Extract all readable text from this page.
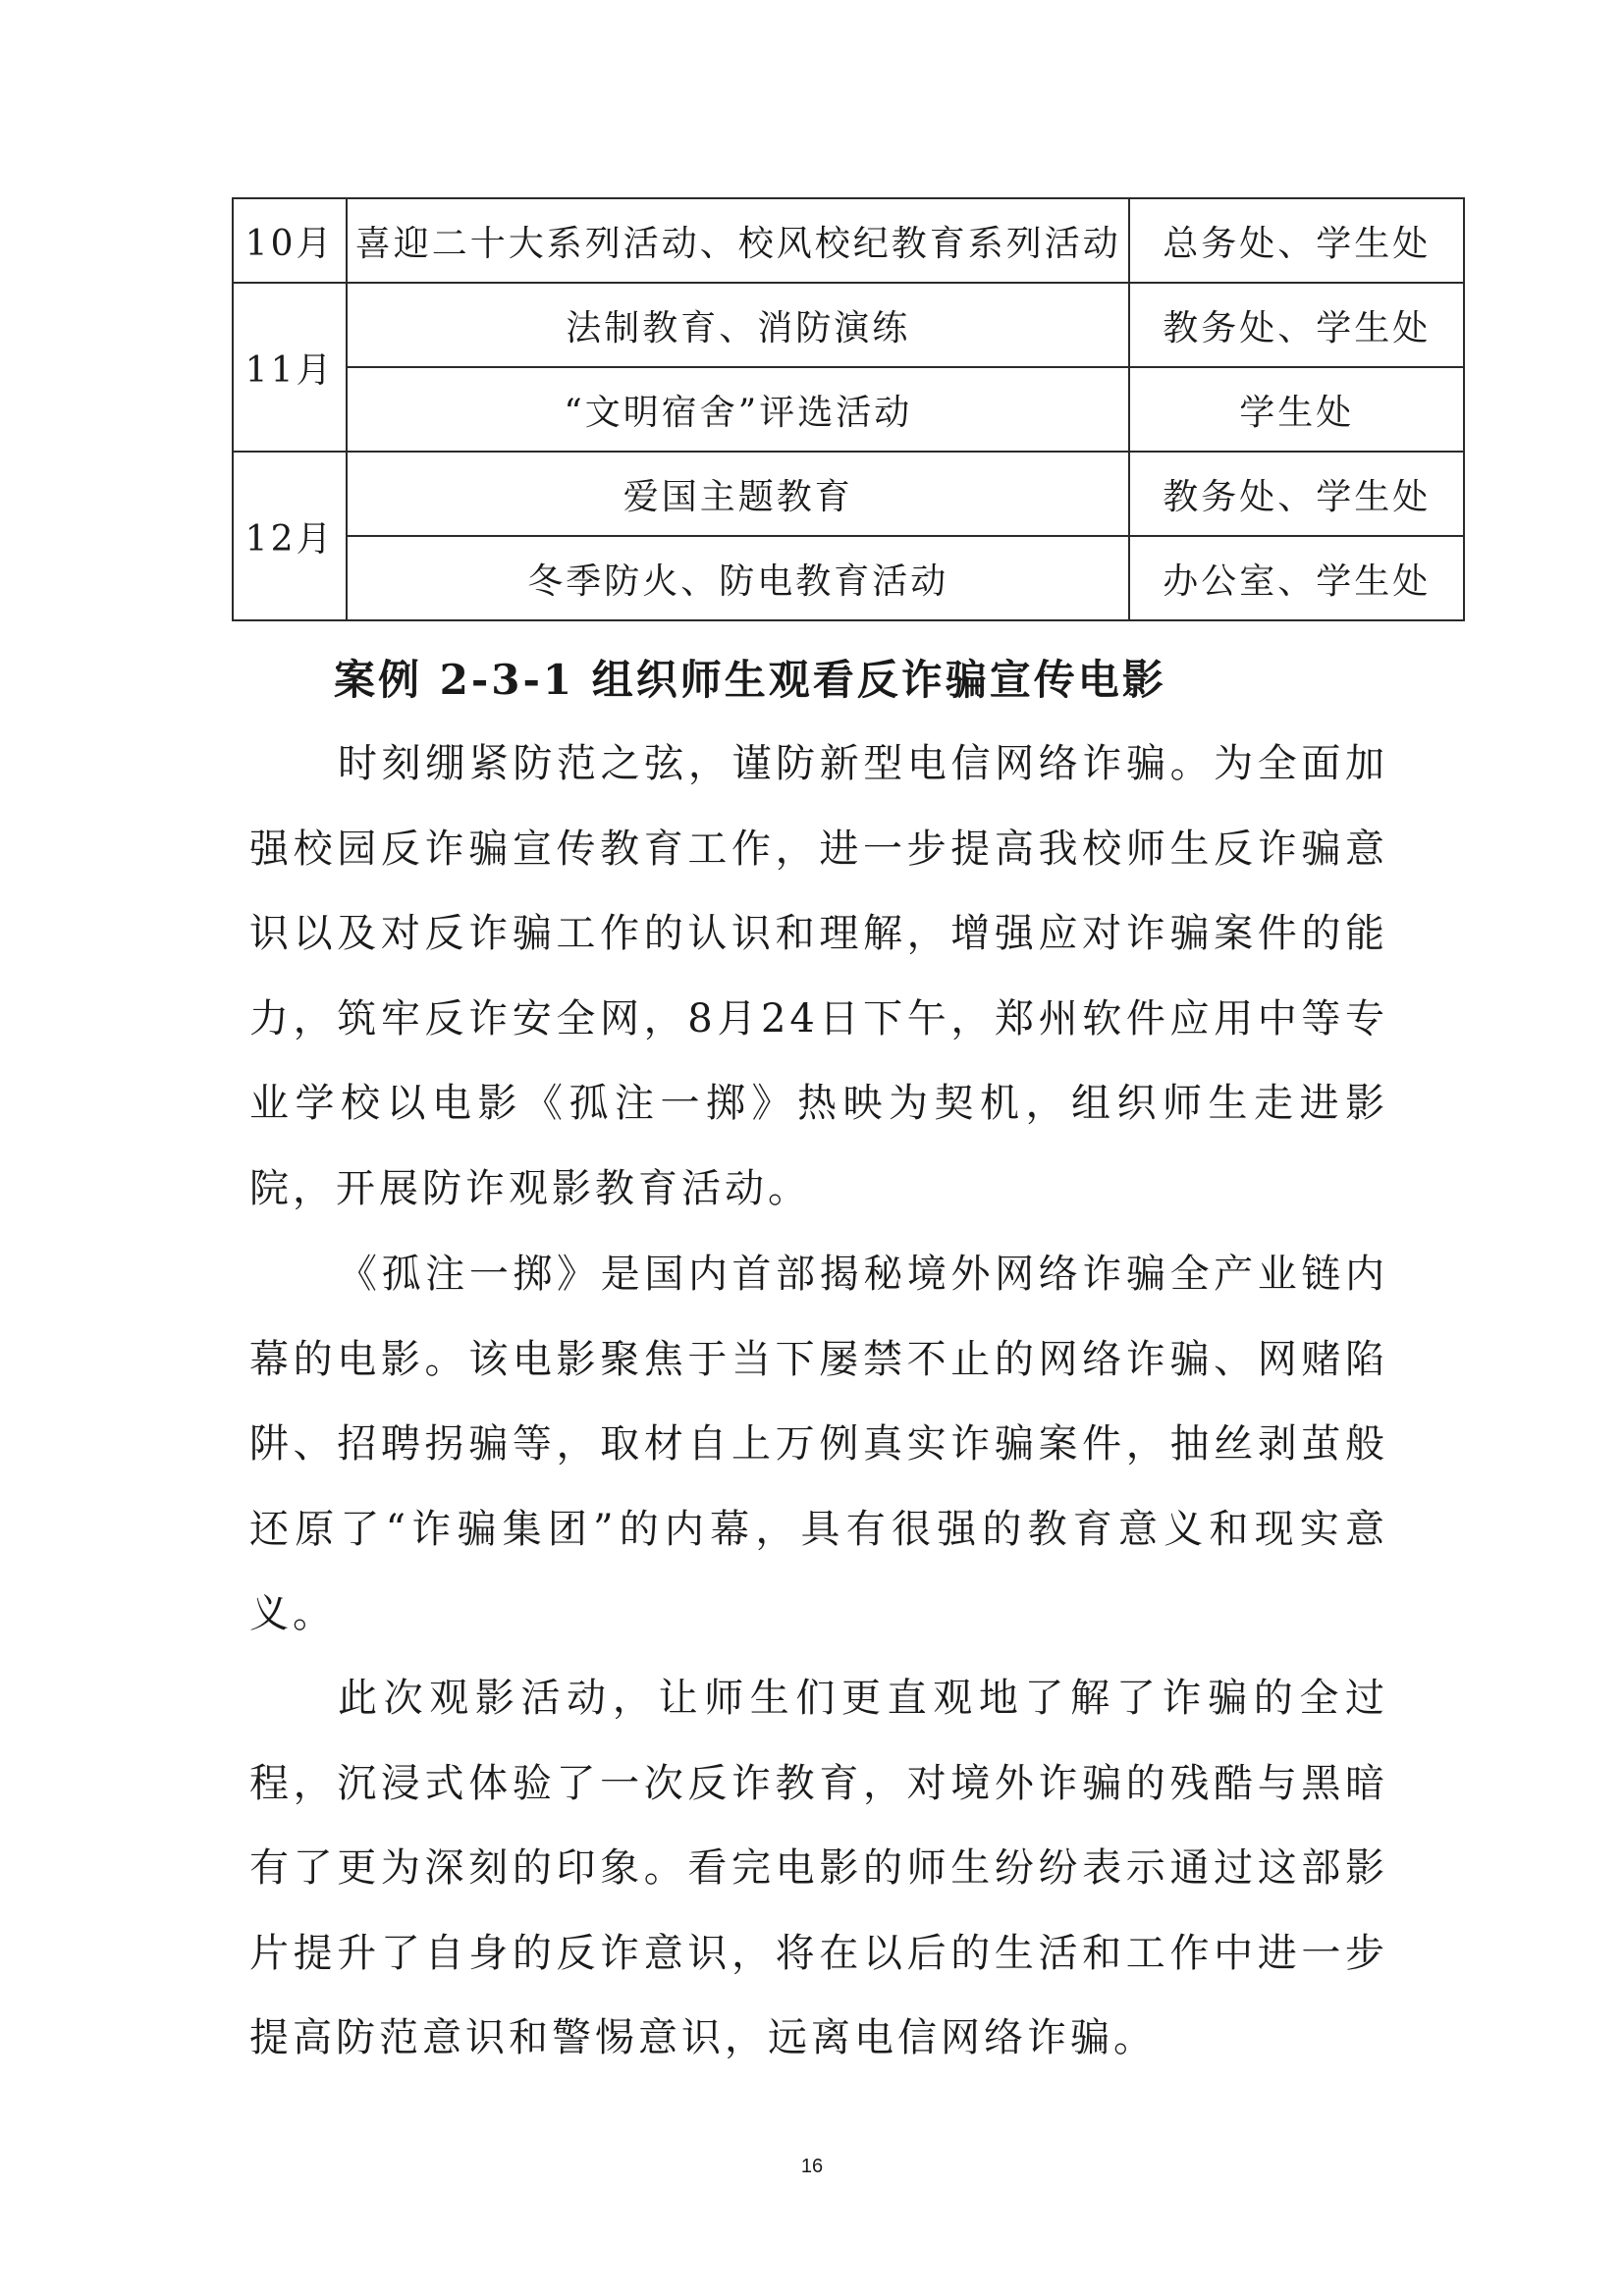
10月	喜迎二十大系列活动、校风校纪教育系列活动	总务处、学生处
11月	法制教育、消防演练	教务处、学生处
	“文明宿舍”评选活动	学生处
12月	爱国主题教育	教务处、学生处
	冬季防火、防电教育活动	办公室、学生处
案例 2-3-1 组织师生观看反诈骗宣传电影

时刻绷紧防范之弦，谨防新型电信网络诈骗。为全面加强校园反诈骗宣传教育工作，进一步提高我校师生反诈骗意识以及对反诈骗工作的认识和理解，增强应对诈骗案件的能力，筑牢反诈安全网，8月24日下午，郑州软件应用中等专业学校以电影《孤注一掷》热映为契机，组织师生走进影院，开展防诈观影教育活动。

《孤注一掷》是国内首部揭秘境外网络诈骗全产业链内幕的电影。该电影聚焦于当下屡禁不止的网络诈骗、网赌陷阱、招聘拐骗等，取材自上万例真实诈骗案件，抽丝剥茧般还原了“诈骗集团”的内幕，具有很强的教育意义和现实意义。

此次观影活动，让师生们更直观地了解了诈骗的全过程，沉浸式体验了一次反诈教育，对境外诈骗的残酷与黑暗有了更为深刻的印象。看完电影的师生纷纷表示通过这部影片提升了自身的反诈意识，将在以后的生活和工作中进一步提高防范意识和警惕意识，远离电信网络诈骗。

16
